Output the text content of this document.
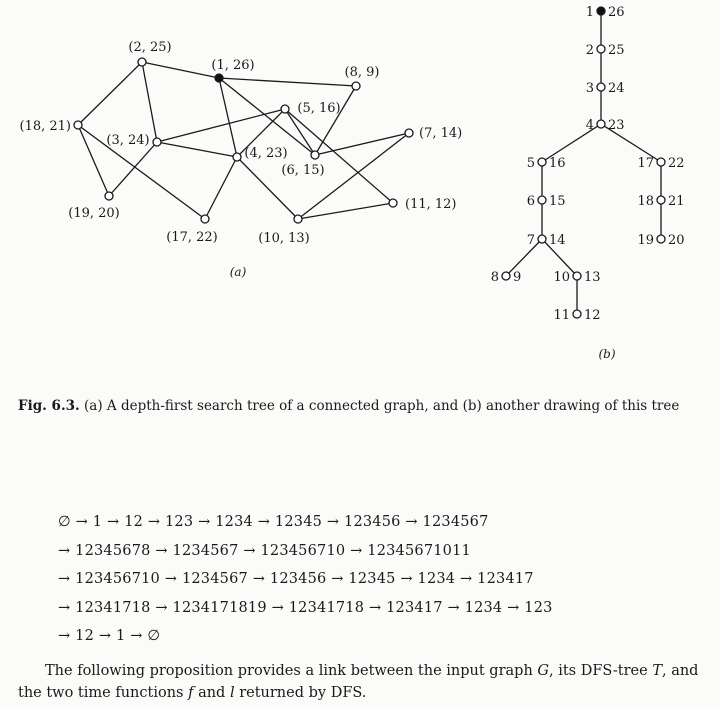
(1, 26)
(2, 25)
(3, 24)
(4, 23)
(5, 16)
(6, 15)
(7, 14)
(8, 9)
(10, 13)
(11, 12)
(17, 22)
(18, 21)
(19, 20)
(a)
1 26
2 25
3 24
4 23
5 16
6 15
7 14
8 9 10 13
11 12
17 22
18 21
19 20
(b)
Fig. 6.3. (a) A depth-first search tree of a connected graph, and (b) another drawing of this tree
∅ → 1 → 12 → 123 → 1234 → 12345 → 123456 → 1234567
→ 12345678 → 1234567 → 123456710 → 12345671011
→ 123456710 → 1234567 → 123456 → 12345 → 1234 → 123417
→ 12341718 → 1234171819 → 12341718 → 123417 → 1234 → 123
→ 12 → 1 → ∅
The following proposition provides a link between the input graph G, its DFS-tree T, and the two time functions f and l returned by DFS.
